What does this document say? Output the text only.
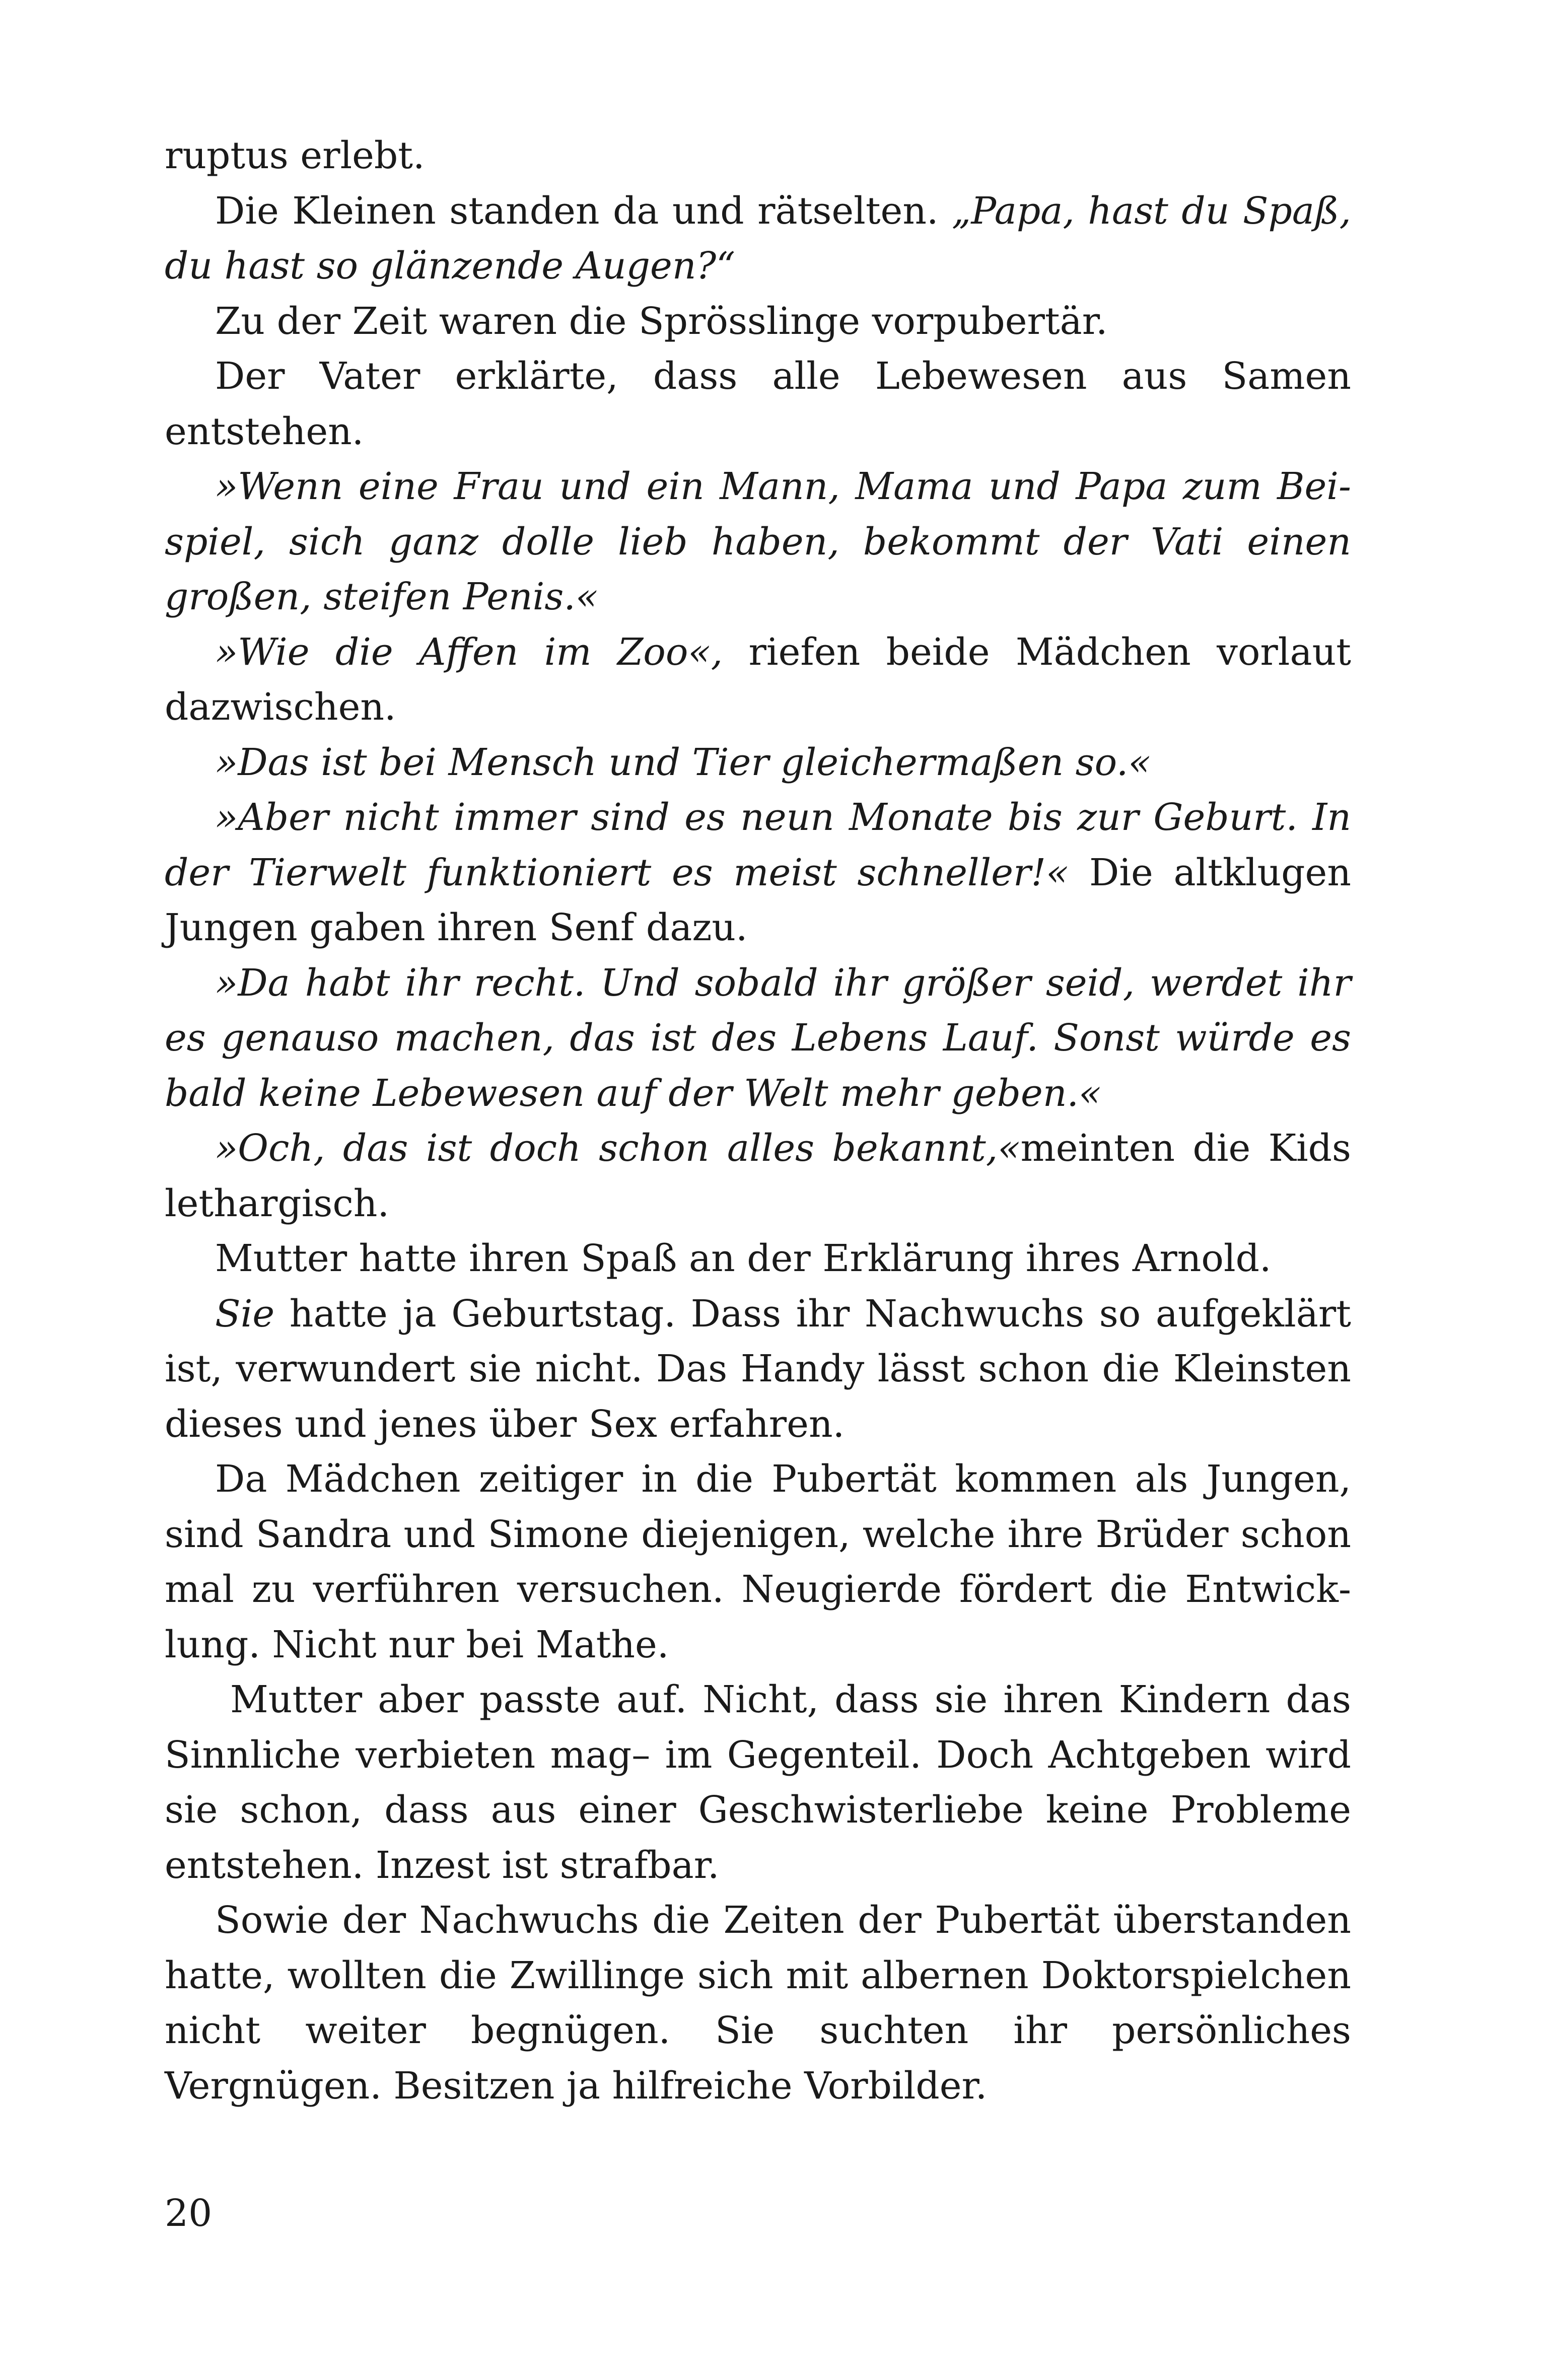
ruptus erlebt.

Die Kleinen standen da und rätselten. „Papa, hast du Spaß, du hast so glänzende Augen?“

Zu der Zeit waren die Sprösslinge vorpubertär.

Der Vater erklärte, dass alle Lebewesen aus Samen entstehen.

»Wenn eine Frau und ein Mann, Mama und Papa zum Beispiel, sich ganz dolle lieb haben, bekommt der Vati einen großen, steifen Penis.«

»Wie die Affen im Zoo«, riefen beide Mädchen vorlaut dazwischen.

»Das ist bei Mensch und Tier gleichermaßen so.«

»Aber nicht immer sind es neun Monate bis zur Geburt. In der Tierwelt funktioniert es meist schneller!« Die altklugen Jungen gaben ihren Senf dazu.

»Da habt ihr recht. Und sobald ihr größer seid, werdet ihr es genauso machen, das ist des Lebens Lauf. Sonst würde es bald keine Lebewesen auf der Welt mehr geben.«

»Och, das ist doch schon alles bekannt,«meinten die Kids lethargisch.

Mutter hatte ihren Spaß an der Erklärung ihres Arnold.

Sie hatte ja Geburtstag. Dass ihr Nachwuchs so aufgeklärt ist, verwundert sie nicht. Das Handy lässt schon die Kleinsten dieses und jenes über Sex erfahren.

Da Mädchen zeitiger in die Pubertät kommen als Jungen, sind Sandra und Simone diejenigen, welche ihre Brüder schon mal zu verführen versuchen. Neugierde fördert die Entwicklung. Nicht nur bei Mathe.

Mutter aber passte auf. Nicht, dass sie ihren Kindern das Sinnliche verbieten mag– im Gegenteil. Doch Achtgeben wird sie schon, dass aus einer Geschwisterliebe keine Probleme entstehen. Inzest ist strafbar.

Sowie der Nachwuchs die Zeiten der Pubertät überstanden hatte, wollten die Zwillinge sich mit albernen Doktorspielchen nicht weiter begnügen. Sie suchten ihr persönliches Vergnügen. Besitzen ja hilfreiche Vorbilder.

20
